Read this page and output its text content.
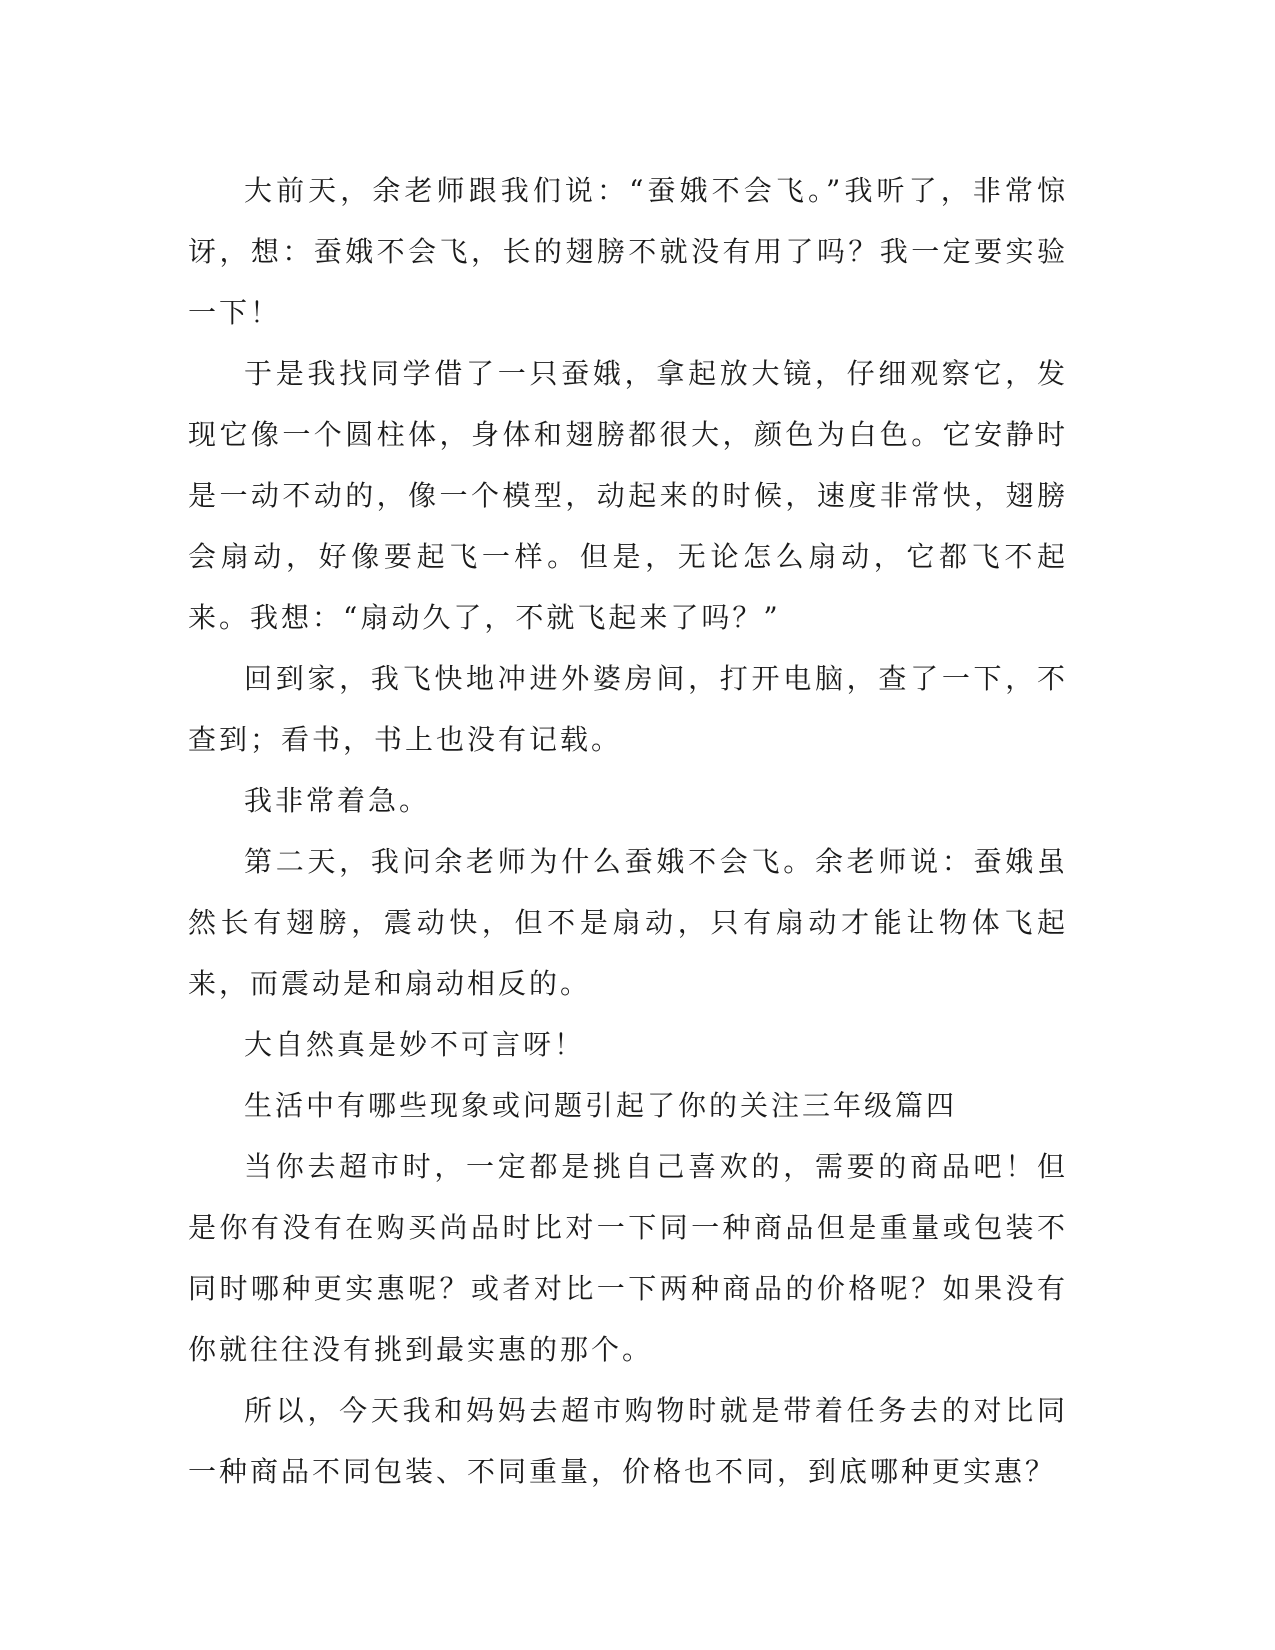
大前天，余老师跟我们说：“蚕娥不会飞。”我听了，非常惊讶，想：蚕娥不会飞，长的翅膀不就没有用了吗？我一定要实验一下！

于是我找同学借了一只蚕娥，拿起放大镜，仔细观察它，发现它像一个圆柱体，身体和翅膀都很大，颜色为白色。它安静时是一动不动的，像一个模型，动起来的时候，速度非常快，翅膀会扇动，好像要起飞一样。但是，无论怎么扇动，它都飞不起来。我想：“扇动久了，不就飞起来了吗？”

回到家，我飞快地冲进外婆房间，打开电脑，查了一下，不查到；看书，书上也没有记载。

我非常着急。

第二天，我问余老师为什么蚕娥不会飞。余老师说：蚕娥虽然长有翅膀，震动快，但不是扇动，只有扇动才能让物体飞起来，而震动是和扇动相反的。

大自然真是妙不可言呀！

生活中有哪些现象或问题引起了你的关注三年级篇四

当你去超市时，一定都是挑自己喜欢的，需要的商品吧！但是你有没有在购买尚品时比对一下同一种商品但是重量或包装不同时哪种更实惠呢？或者对比一下两种商品的价格呢？如果没有你就往往没有挑到最实惠的那个。

所以，今天我和妈妈去超市购物时就是带着任务去的对比同一种商品不同包装、不同重量，价格也不同，到底哪种更实惠？
